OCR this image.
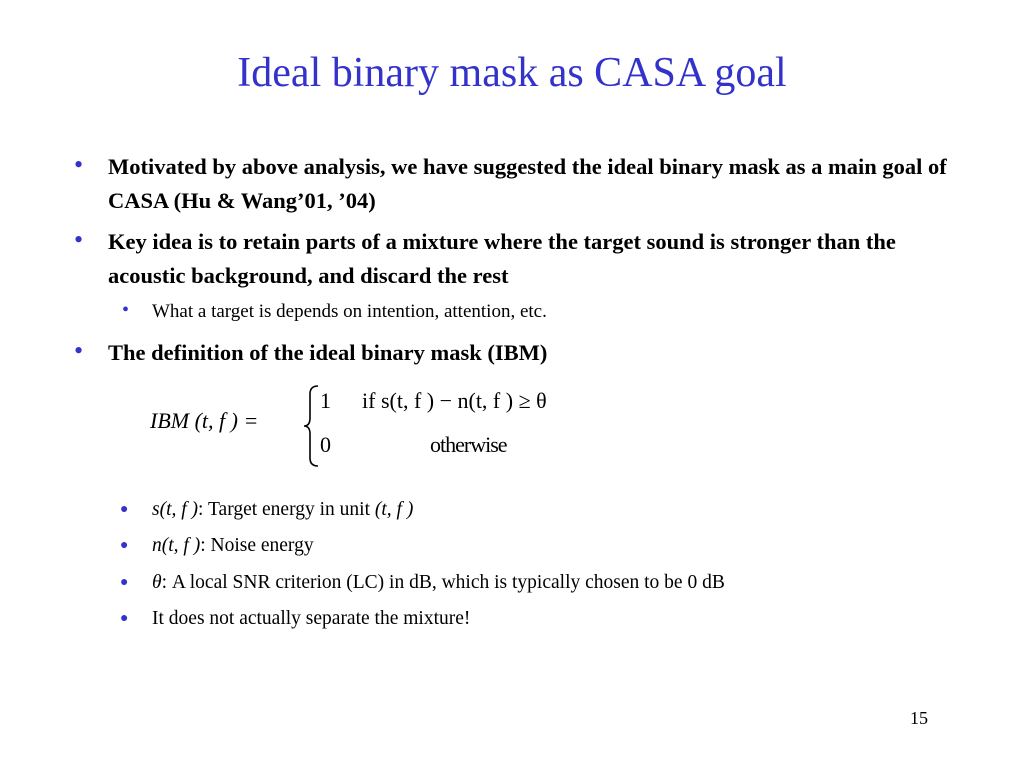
Ideal binary mask as CASA goal
• Motivated by above analysis, we have suggested the ideal binary mask as a main goal of CASA (Hu & Wang’01, ’04)
• Key idea is to retain parts of a mixture where the target sound is stronger than the acoustic background, and discard the rest
• What a target is depends on intention, attention, etc.
• The definition of the ideal binary mask (IBM)
IBM (t, f ) =
1 if s(t, f ) − n(t, f ) ≥ θ
0	otherwise
● s(t, f ): Target energy in unit (t, f )
● n(t, f ): Noise energy
● θ: A local SNR criterion (LC) in dB, which is typically chosen to be 0 dB
● It does not actually separate the mixture!
15
